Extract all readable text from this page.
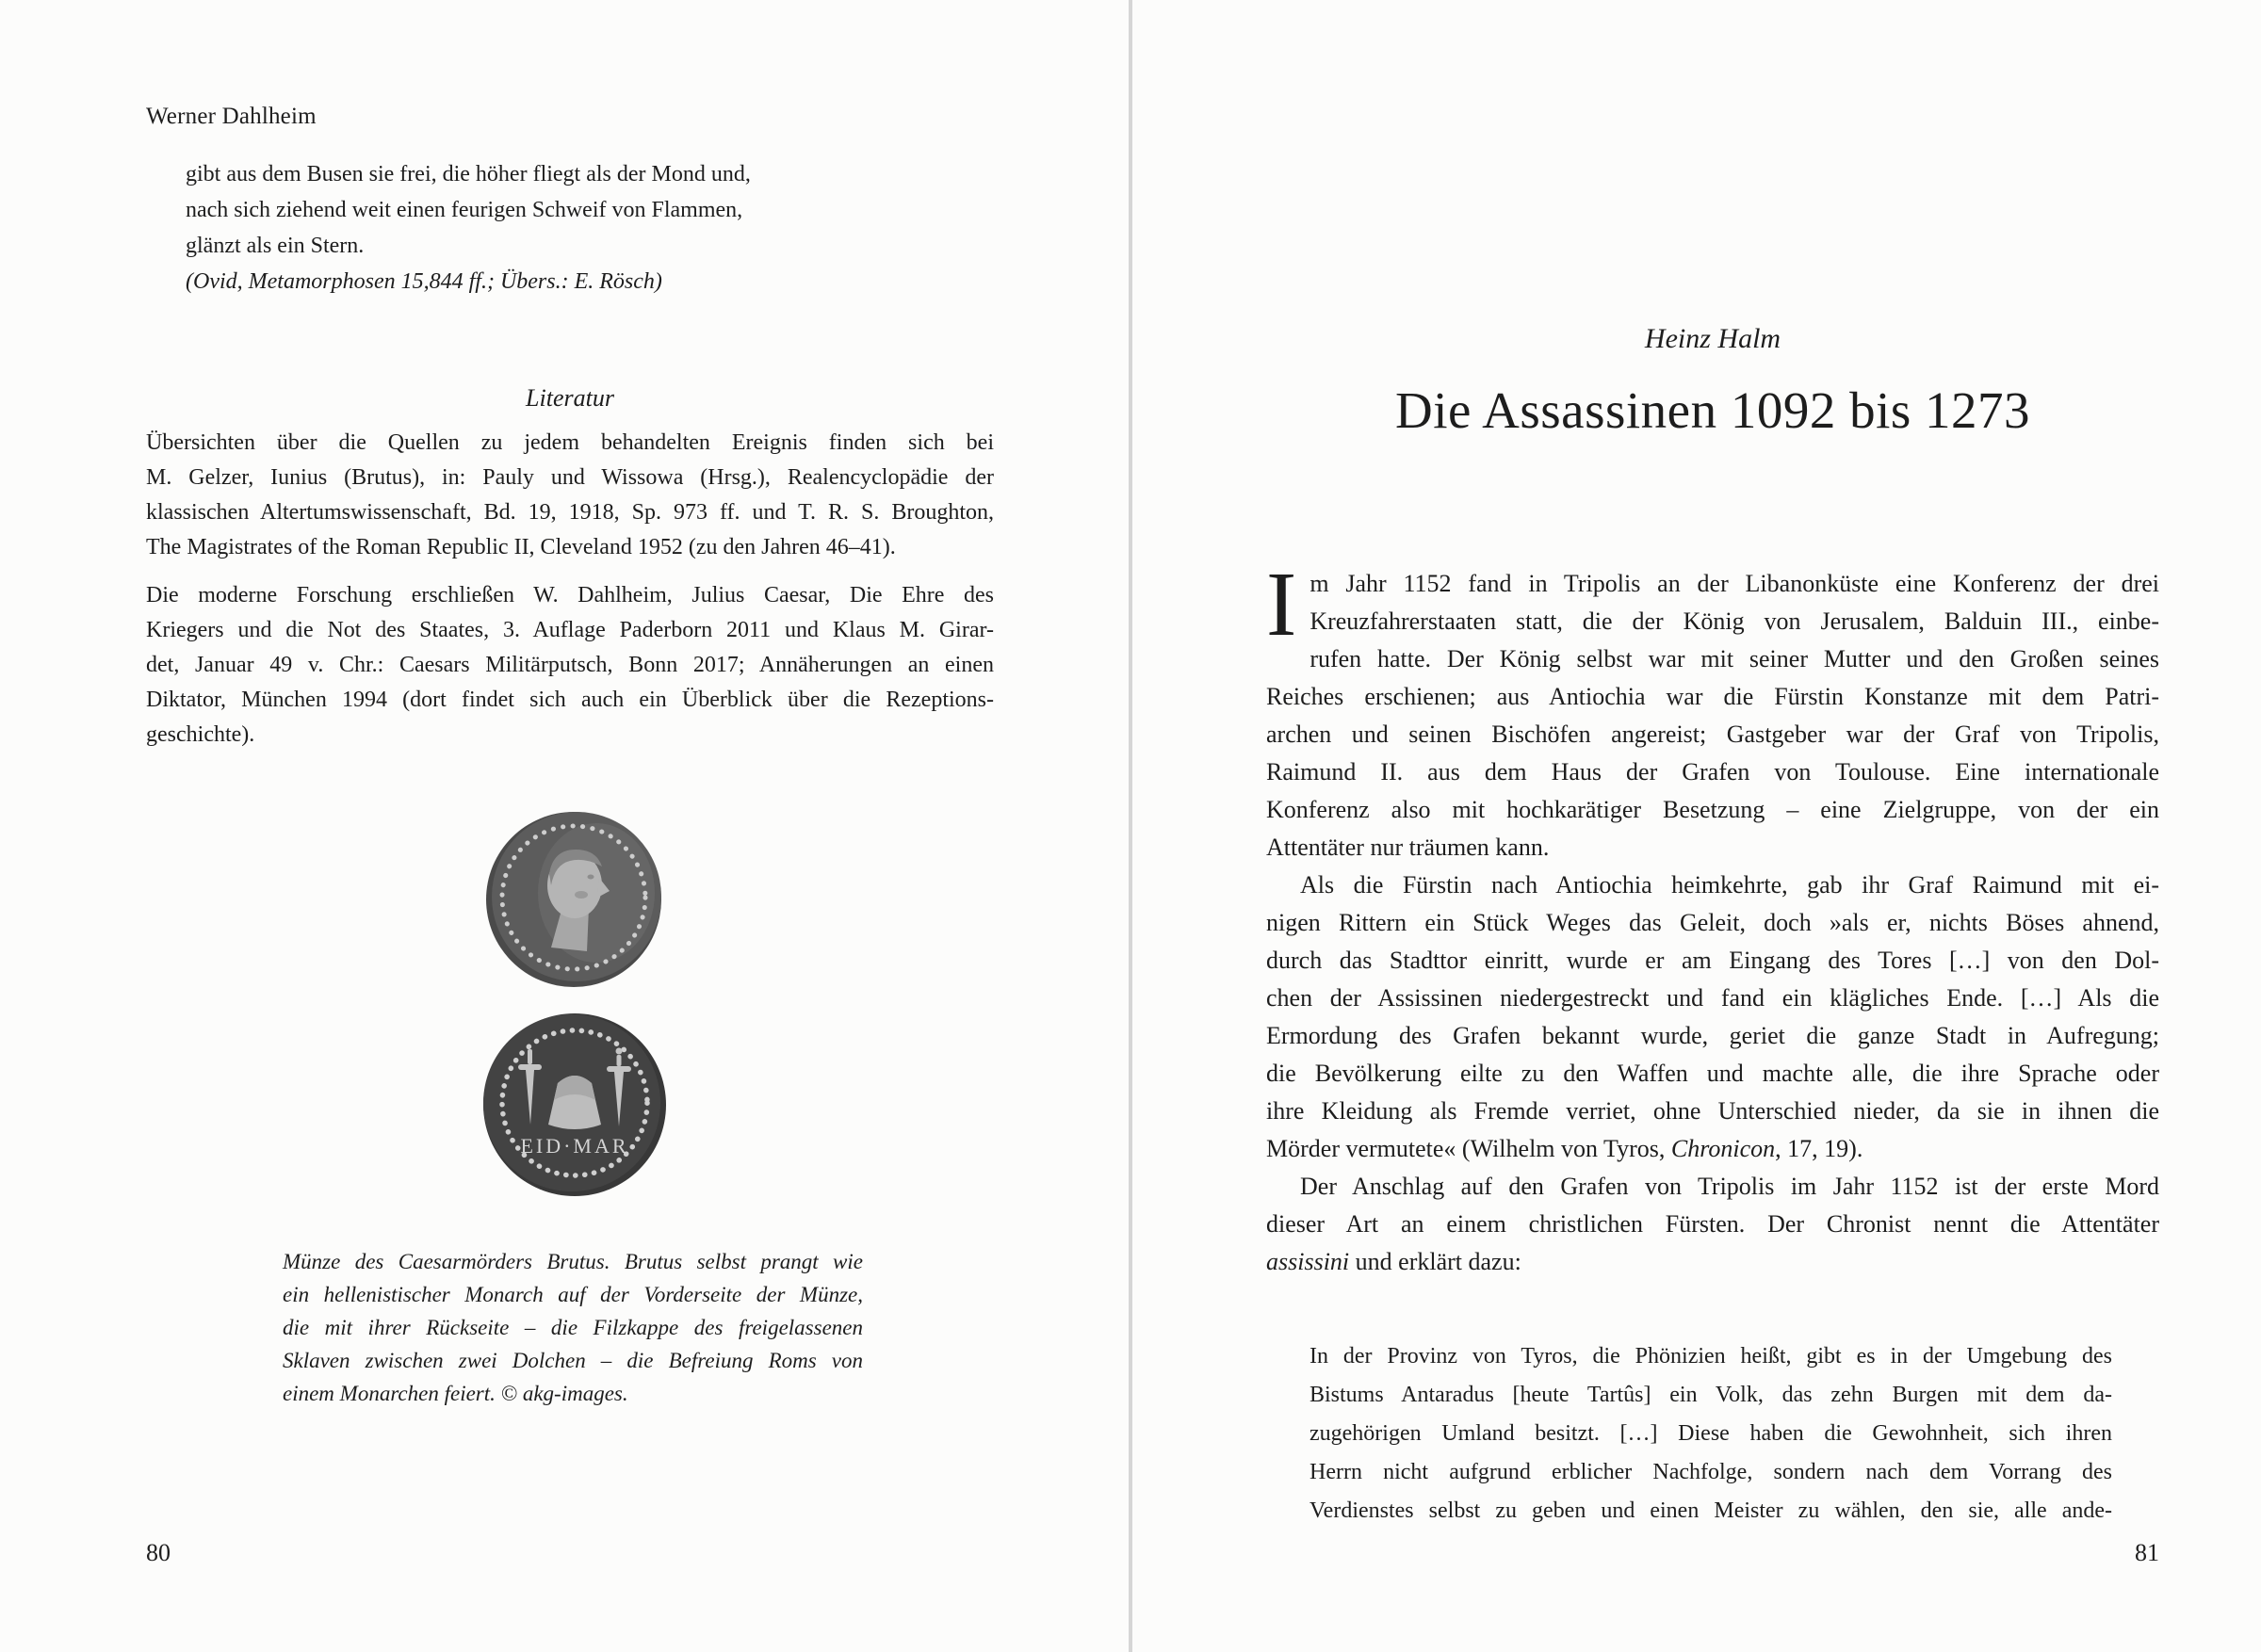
Werner Dahlheim
gibt aus dem Busen sie frei, die höher fliegt als der Mond und,
nach sich ziehend weit einen feurigen Schweif von Flammen,
glänzt als ein Stern.
(Ovid, Metamorphosen 15,844 ff.; Übers.: E. Rösch)
Literatur
Übersichten über die Quellen zu jedem behandelten Ereignis finden sich bei
M. Gelzer, Iunius (Brutus), in: Pauly und Wissowa (Hrsg.), Realencyclopädie der
klassischen Altertumswissenschaft, Bd. 19, 1918, Sp. 973 ff. und T. R. S. Broughton,
The Magistrates of the Roman Republic II, Cleveland 1952 (zu den Jahren 46–41).
Die moderne Forschung erschließen W. Dahlheim, Julius Caesar, Die Ehre des
Kriegers und die Not des Staates, 3. Auflage Paderborn 2011 und Klaus M. Girar-
det, Januar 49 v. Chr.: Caesars Militärputsch, Bonn 2017; Annäherungen an einen
Diktator, München 1994 (dort findet sich auch ein Überblick über die Rezeptions-
geschichte).
EID·MAR
Münze des Caesarmörders Brutus. Brutus selbst prangt wie
ein hellenistischer Monarch auf der Vorderseite der Münze,
die mit ihrer Rückseite – die Filzkappe des freigelassenen
Sklaven zwischen zwei Dolchen – die Befreiung Roms von
einem Monarchen feiert. © akg-images.
80
Heinz Halm
Die Assassinen 1092 bis 1273
I m Jahr 1152 fand in Tripolis an der Libanonküste eine Konferenz der drei
Kreuzfahrerstaaten statt, die der König von Jerusalem, Balduin III., einbe-
rufen hatte. Der König selbst war mit seiner Mutter und den Großen seines
Reiches erschienen; aus Antiochia war die Fürstin Konstanze mit dem Patri-
archen und seinen Bischöfen angereist; Gastgeber war der Graf von Tripolis,
Raimund II. aus dem Haus der Grafen von Toulouse. Eine internationale
Konferenz also mit hochkarätiger Besetzung – eine Zielgruppe, von der ein
Attentäter nur träumen kann.
Als die Fürstin nach Antiochia heimkehrte, gab ihr Graf Raimund mit ei-
nigen Rittern ein Stück Weges das Geleit, doch »als er, nichts Böses ahnend,
durch das Stadttor einritt, wurde er am Eingang des Tores […] von den Dol-
chen der Assissinen niedergestreckt und fand ein klägliches Ende. […] Als die
Ermordung des Grafen bekannt wurde, geriet die ganze Stadt in Aufregung;
die Bevölkerung eilte zu den Waffen und machte alle, die ihre Sprache oder
ihre Kleidung als Fremde verriet, ohne Unterschied nieder, da sie in ihnen die
Mörder vermutete« (Wilhelm von Tyros, Chronicon, 17, 19).
Der Anschlag auf den Grafen von Tripolis im Jahr 1152 ist der erste Mord
dieser Art an einem christlichen Fürsten. Der Chronist nennt die Attentäter
assissini und erklärt dazu:
In der Provinz von Tyros, die Phönizien heißt, gibt es in der Umgebung des
Bistums Antaradus [heute Tartûs] ein Volk, das zehn Burgen mit dem da-
zugehörigen Umland besitzt. […] Diese haben die Gewohnheit, sich ihren
Herrn nicht aufgrund erblicher Nachfolge, sondern nach dem Vorrang des
Verdienstes selbst zu geben und einen Meister zu wählen, den sie, alle ande-
81
